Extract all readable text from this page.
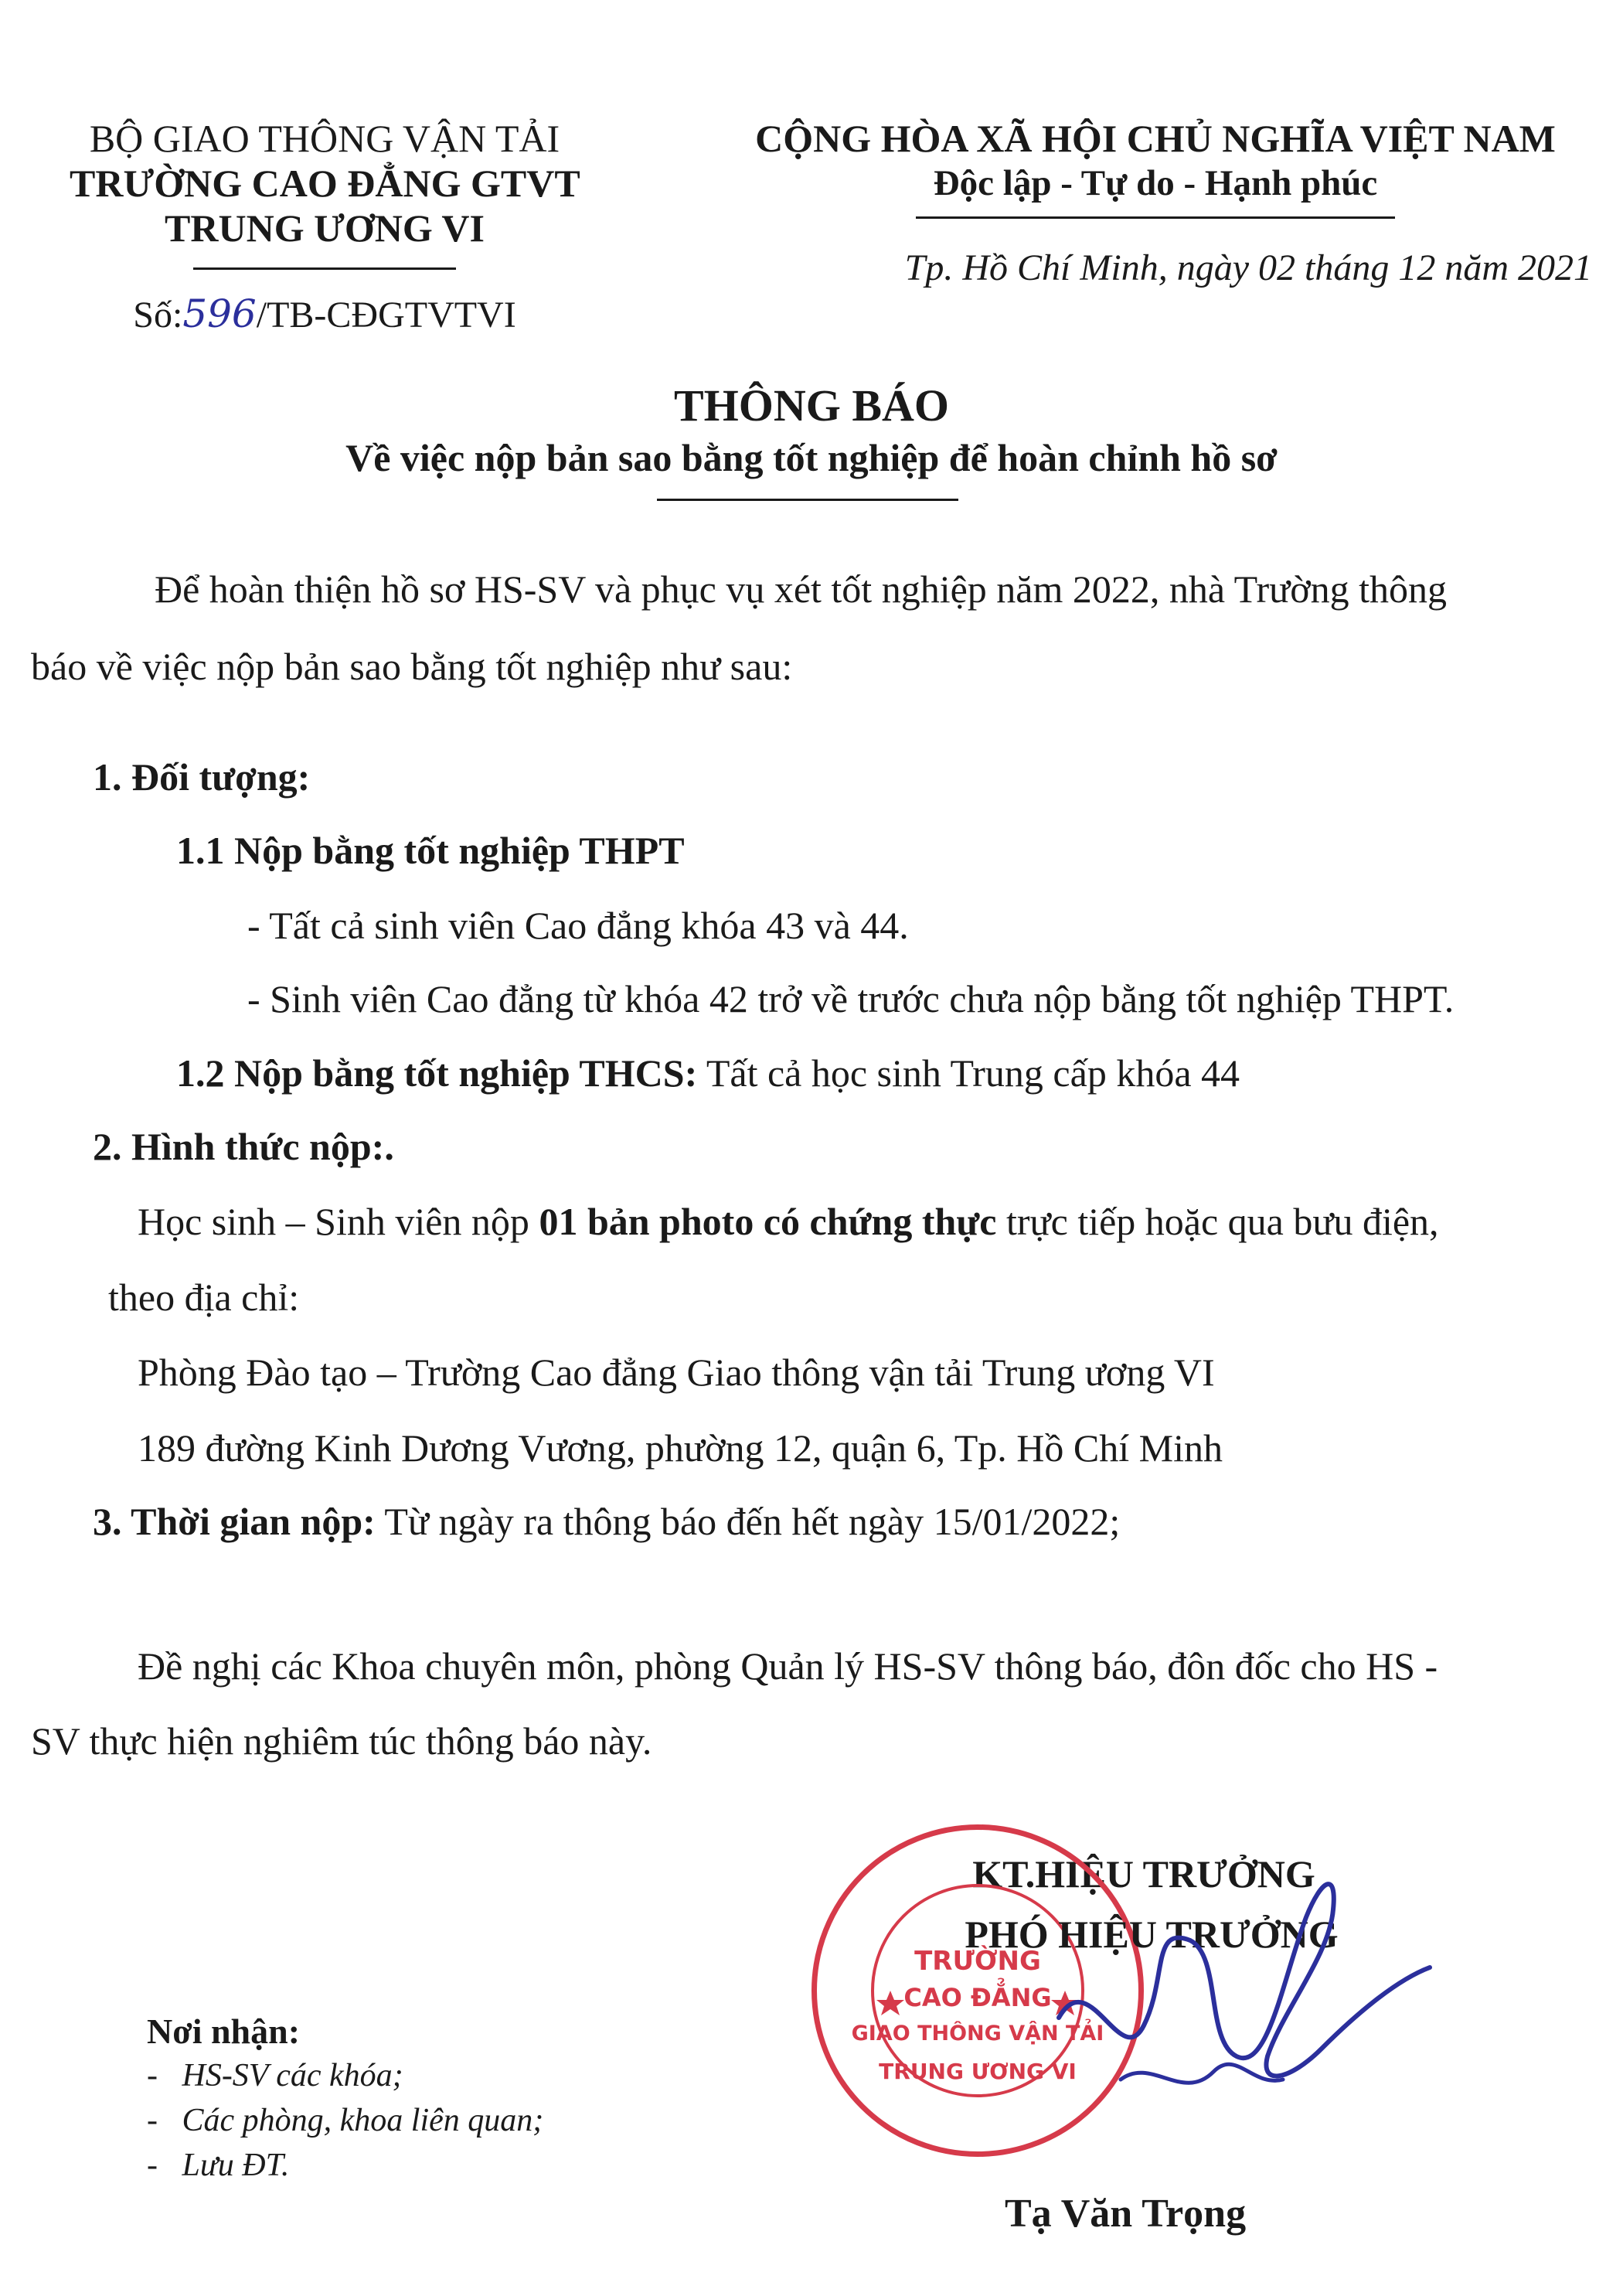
BỘ GIAO THÔNG VẬN TẢI
TRƯỜNG CAO ĐẲNG GTVT
TRUNG ƯƠNG VI
Số:596/TB-CĐGTVTVI
CỘNG HÒA XÃ HỘI CHỦ NGHĨA VIỆT NAM
Độc lập - Tự do - Hạnh phúc
Tp. Hồ Chí Minh, ngày 02 tháng 12 năm 2021
THÔNG BÁO
Về việc nộp bản sao bằng tốt nghiệp để hoàn chỉnh hồ sơ
Để hoàn thiện hồ sơ HS-SV và phục vụ xét tốt nghiệp năm 2022, nhà Trường thông
báo về việc nộp bản sao bằng tốt nghiệp như sau:
1. Đối tượng:
1.1 Nộp bằng tốt nghiệp THPT
- Tất cả sinh viên Cao đẳng khóa 43 và 44.
- Sinh viên Cao đẳng từ khóa 42 trở về trước chưa nộp bằng tốt nghiệp THPT.
1.2 Nộp bằng tốt nghiệp THCS: Tất cả học sinh Trung cấp khóa 44
2. Hình thức nộp:.
Học sinh – Sinh viên nộp 01 bản photo có chứng thực trực tiếp hoặc qua bưu điện,
theo địa chỉ:
Phòng Đào tạo – Trường Cao đẳng Giao thông vận tải Trung ương VI
189 đường Kinh Dương Vương, phường 12, quận 6, Tp. Hồ Chí Minh
3. Thời gian nộp: Từ ngày ra thông báo đến hết ngày 15/01/2022;
Đề nghị các Khoa chuyên môn, phòng Quản lý HS-SV thông báo, đôn đốc cho HS -
SV thực hiện nghiêm túc thông báo này.
KT.HIỆU TRƯỞNG
TRƯỜNG
CAO ĐẲNG
GIAO THÔNG VẬN TẢI
TRUNG ƯƠNG VI
PHÓ HIỆU TRƯỞNG
Tạ Văn Trọng
Nơi nhận:
-   HS-SV các khóa;
-   Các phòng, khoa liên quan;
-   Lưu ĐT.
